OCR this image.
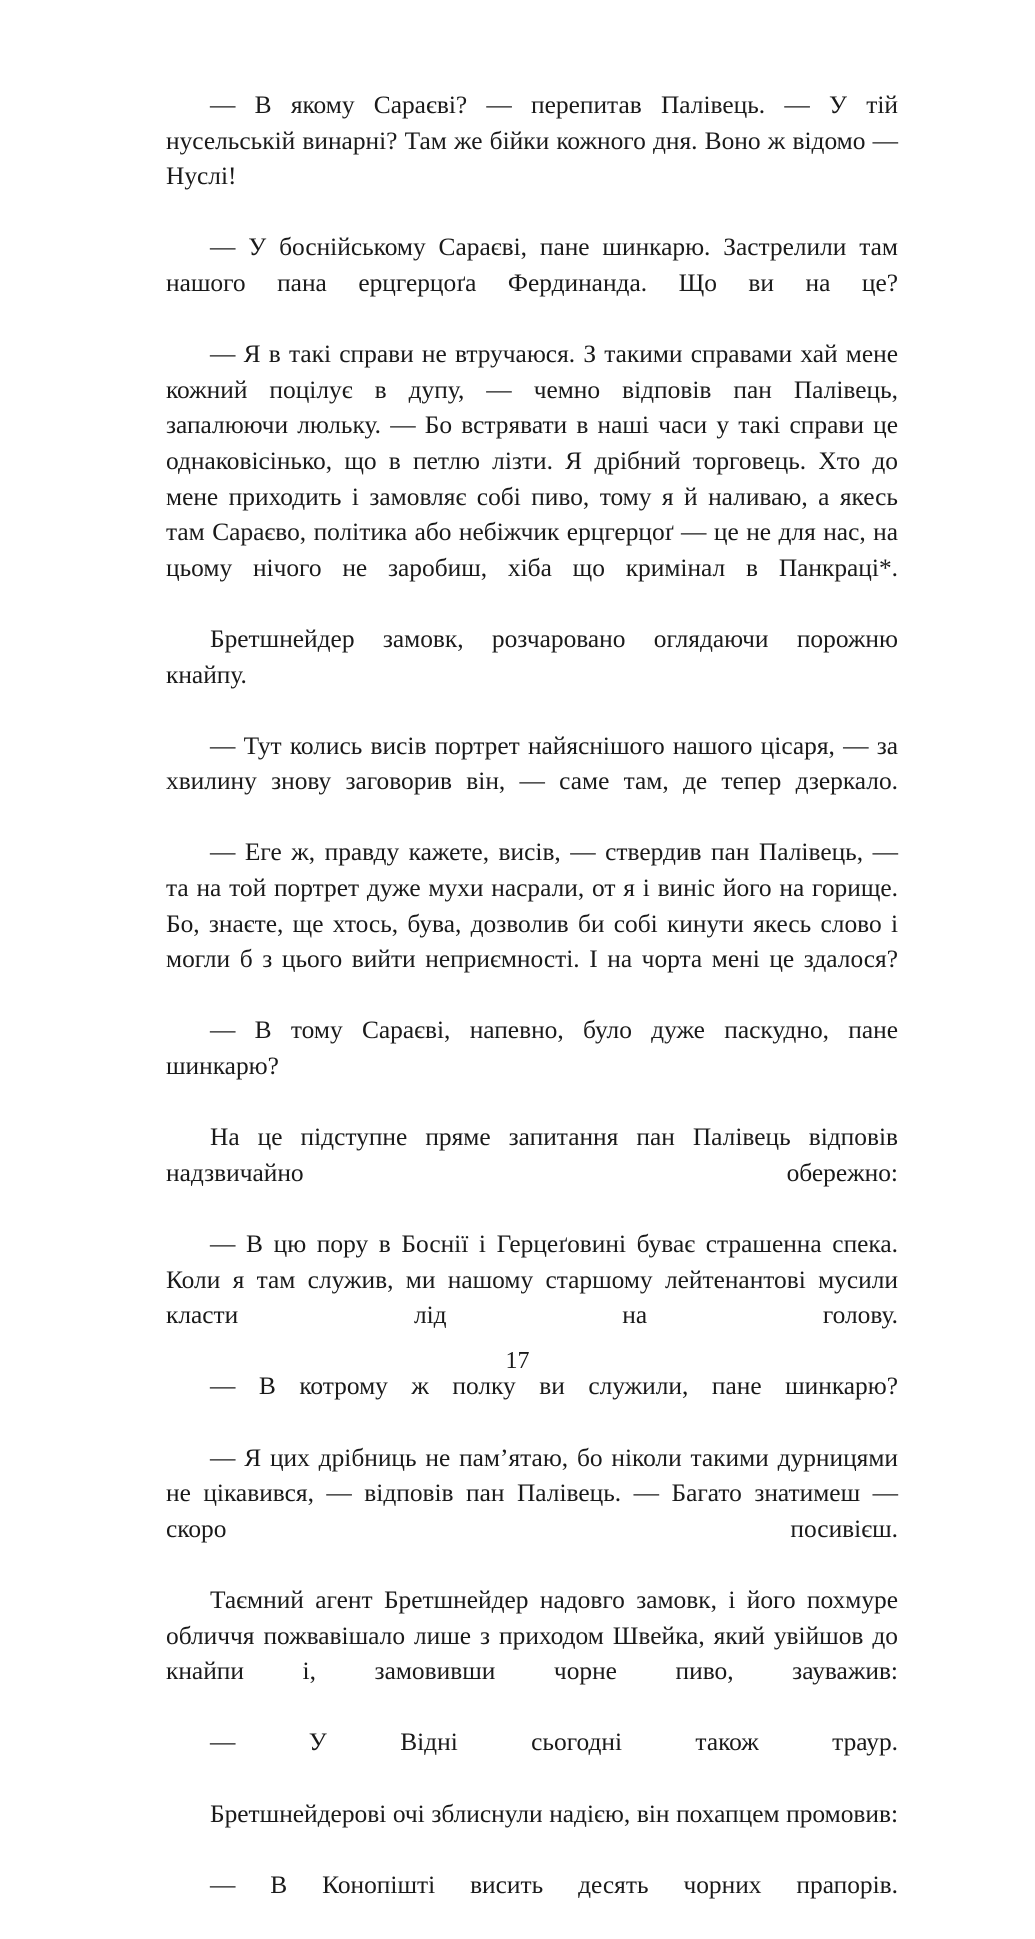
— В якому Сараєві? — перепитав Палівець. — У тій нусельській винарні? Там же бійки кожного дня. Воно ж відомо — Нуслі!

— У боснійському Сараєві, пане шинкарю. Застрелили там нашого пана ерцгерцоґа Фердинанда. Що ви на це?

— Я в такі справи не втручаюся. З такими справами хай мене кожний поцілує в дупу, — чемно відповів пан Палівець, запалюючи люльку. — Бо встрявати в наші часи у такі справи це однаковісінько, що в петлю лізти. Я дрібний торговець. Хто до мене приходить і замовляє собі пиво, тому я й наливаю, а якесь там Сараєво, політика або небіжчик ерцгерцоґ — це не для нас, на цьому нічого не заробиш, хіба що кримінал в Панкраці*.

Бретшнейдер замовк, розчаровано оглядаючи порожню кнайпу.

— Тут колись висів портрет найяснішого нашого цісаря, — за хвилину знову заговорив він, — саме там, де тепер дзеркало.

— Еге ж, правду кажете, висів, — ствердив пан Палівець, — та на той портрет дуже мухи насрали, от я і виніс його на горище. Бо, знаєте, ще хтось, бува, дозволив би собі кинути якесь слово і могли б з цього вийти неприємності. І на чорта мені це здалося?

— В тому Сараєві, напевно, було дуже паскудно, пане шинкарю?

На це підступне пряме запитання пан Палівець відповів надзвичайно обережно:

— В цю пору в Боснії і Герцеґовині буває страшенна спека. Коли я там служив, ми нашому старшому лейтенантові мусили класти лід на голову.

— В котрому ж полку ви служили, пане шинкарю?

— Я цих дрібниць не пам’ятаю, бо ніколи такими дурницями не цікавився, — відповів пан Палівець. — Багато знатимеш — скоро посивієш.

Таємний агент Бретшнейдер надовго замовк, і його похмуре обличчя пожвавішало лише з приходом Швейка, який увійшов до кнайпи і, замовивши чорне пиво, зауважив:

— У Відні сьогодні також траур.

Бретшнейдерові очі зблиснули надією, він похапцем промовив:

— В Конопішті висить десять чорних прапорів.

17
